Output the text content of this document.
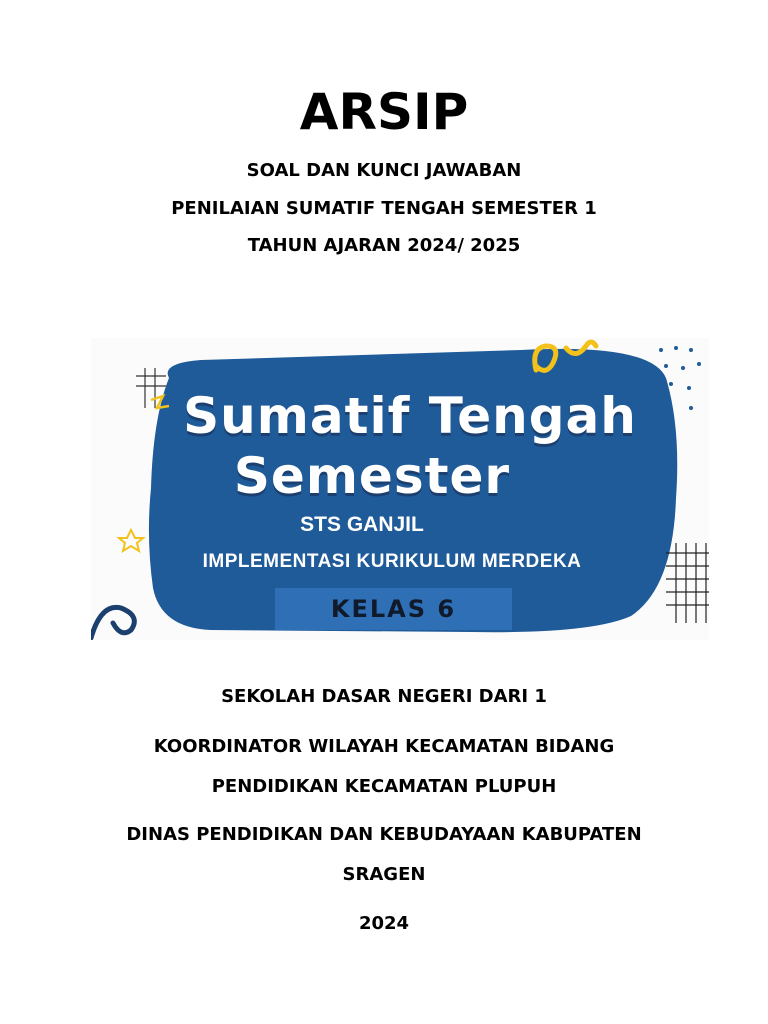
ARSIP
SOAL DAN KUNCI JAWABAN
PENILAIAN SUMATIF TENGAH SEMESTER 1
TAHUN AJARAN 2024/ 2025
Sumatif Tengah
Semester
STS GANJIL
IMPLEMENTASI KURIKULUM MERDEKA
KELAS 6
SEKOLAH DASAR NEGERI DARI 1
KOORDINATOR WILAYAH KECAMATAN BIDANG
PENDIDIKAN KECAMATAN PLUPUH
DINAS PENDIDIKAN DAN KEBUDAYAAN KABUPATEN
SRAGEN
2024
